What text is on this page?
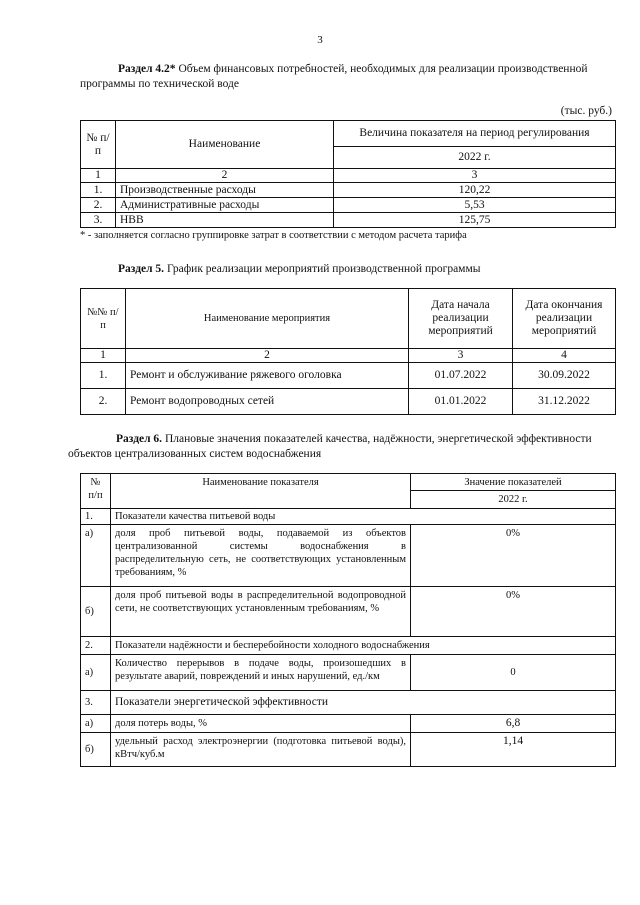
3
Раздел 4.2* Объем финансовых потребностей, необходимых для реализации производственной программы по технической воде
(тыс. руб.)
№ п/п	Наименование	Величина показателя на период регулирования
		2022 г.
1	2	3
1.	Производственные расходы	120,22
2.	Административные расходы	5,53
3.	НВВ	125,75
* - заполняется согласно группировке затрат в соответствии с методом расчета тарифа
Раздел 5. График реализации мероприятий производственной программы
№№ п/п	Наименование мероприятия	Дата начала реализации мероприятий	Дата окончания реализации мероприятий
1	2	3	4
1.	Ремонт и обслуживание ряжевого оголовка	01.07.2022	30.09.2022
2.	Ремонт водопроводных сетей	01.01.2022	31.12.2022
Раздел 6. Плановые значения показателей качества, надёжности, энергетической эффективности объектов централизованных систем водоснабжения
№ п/п	Наименование показателя	Значение показателей
		2022 г.
1.	Показатели качества питьевой воды	
а)	доля проб питьевой воды, подаваемой из объектов централизованной системы водоснабжения в распределительную сеть, не соответствующих установленным требованиям, %	0%
б)	доля проб питьевой воды в распределительной водопроводной сети, не соответствующих установленным требованиям, %	0%
2.	Показатели надёжности и бесперебойности холодного водоснабжения	
а)	Количество перерывов в подаче воды, произошедших в результате аварий, повреждений и иных нарушений, ед./км	0
3.	Показатели энергетической эффективности	
а)	доля потерь воды, %	6,8
б)	удельный расход электроэнергии (подготовка питьевой воды), кВтч/куб.м	1,14
